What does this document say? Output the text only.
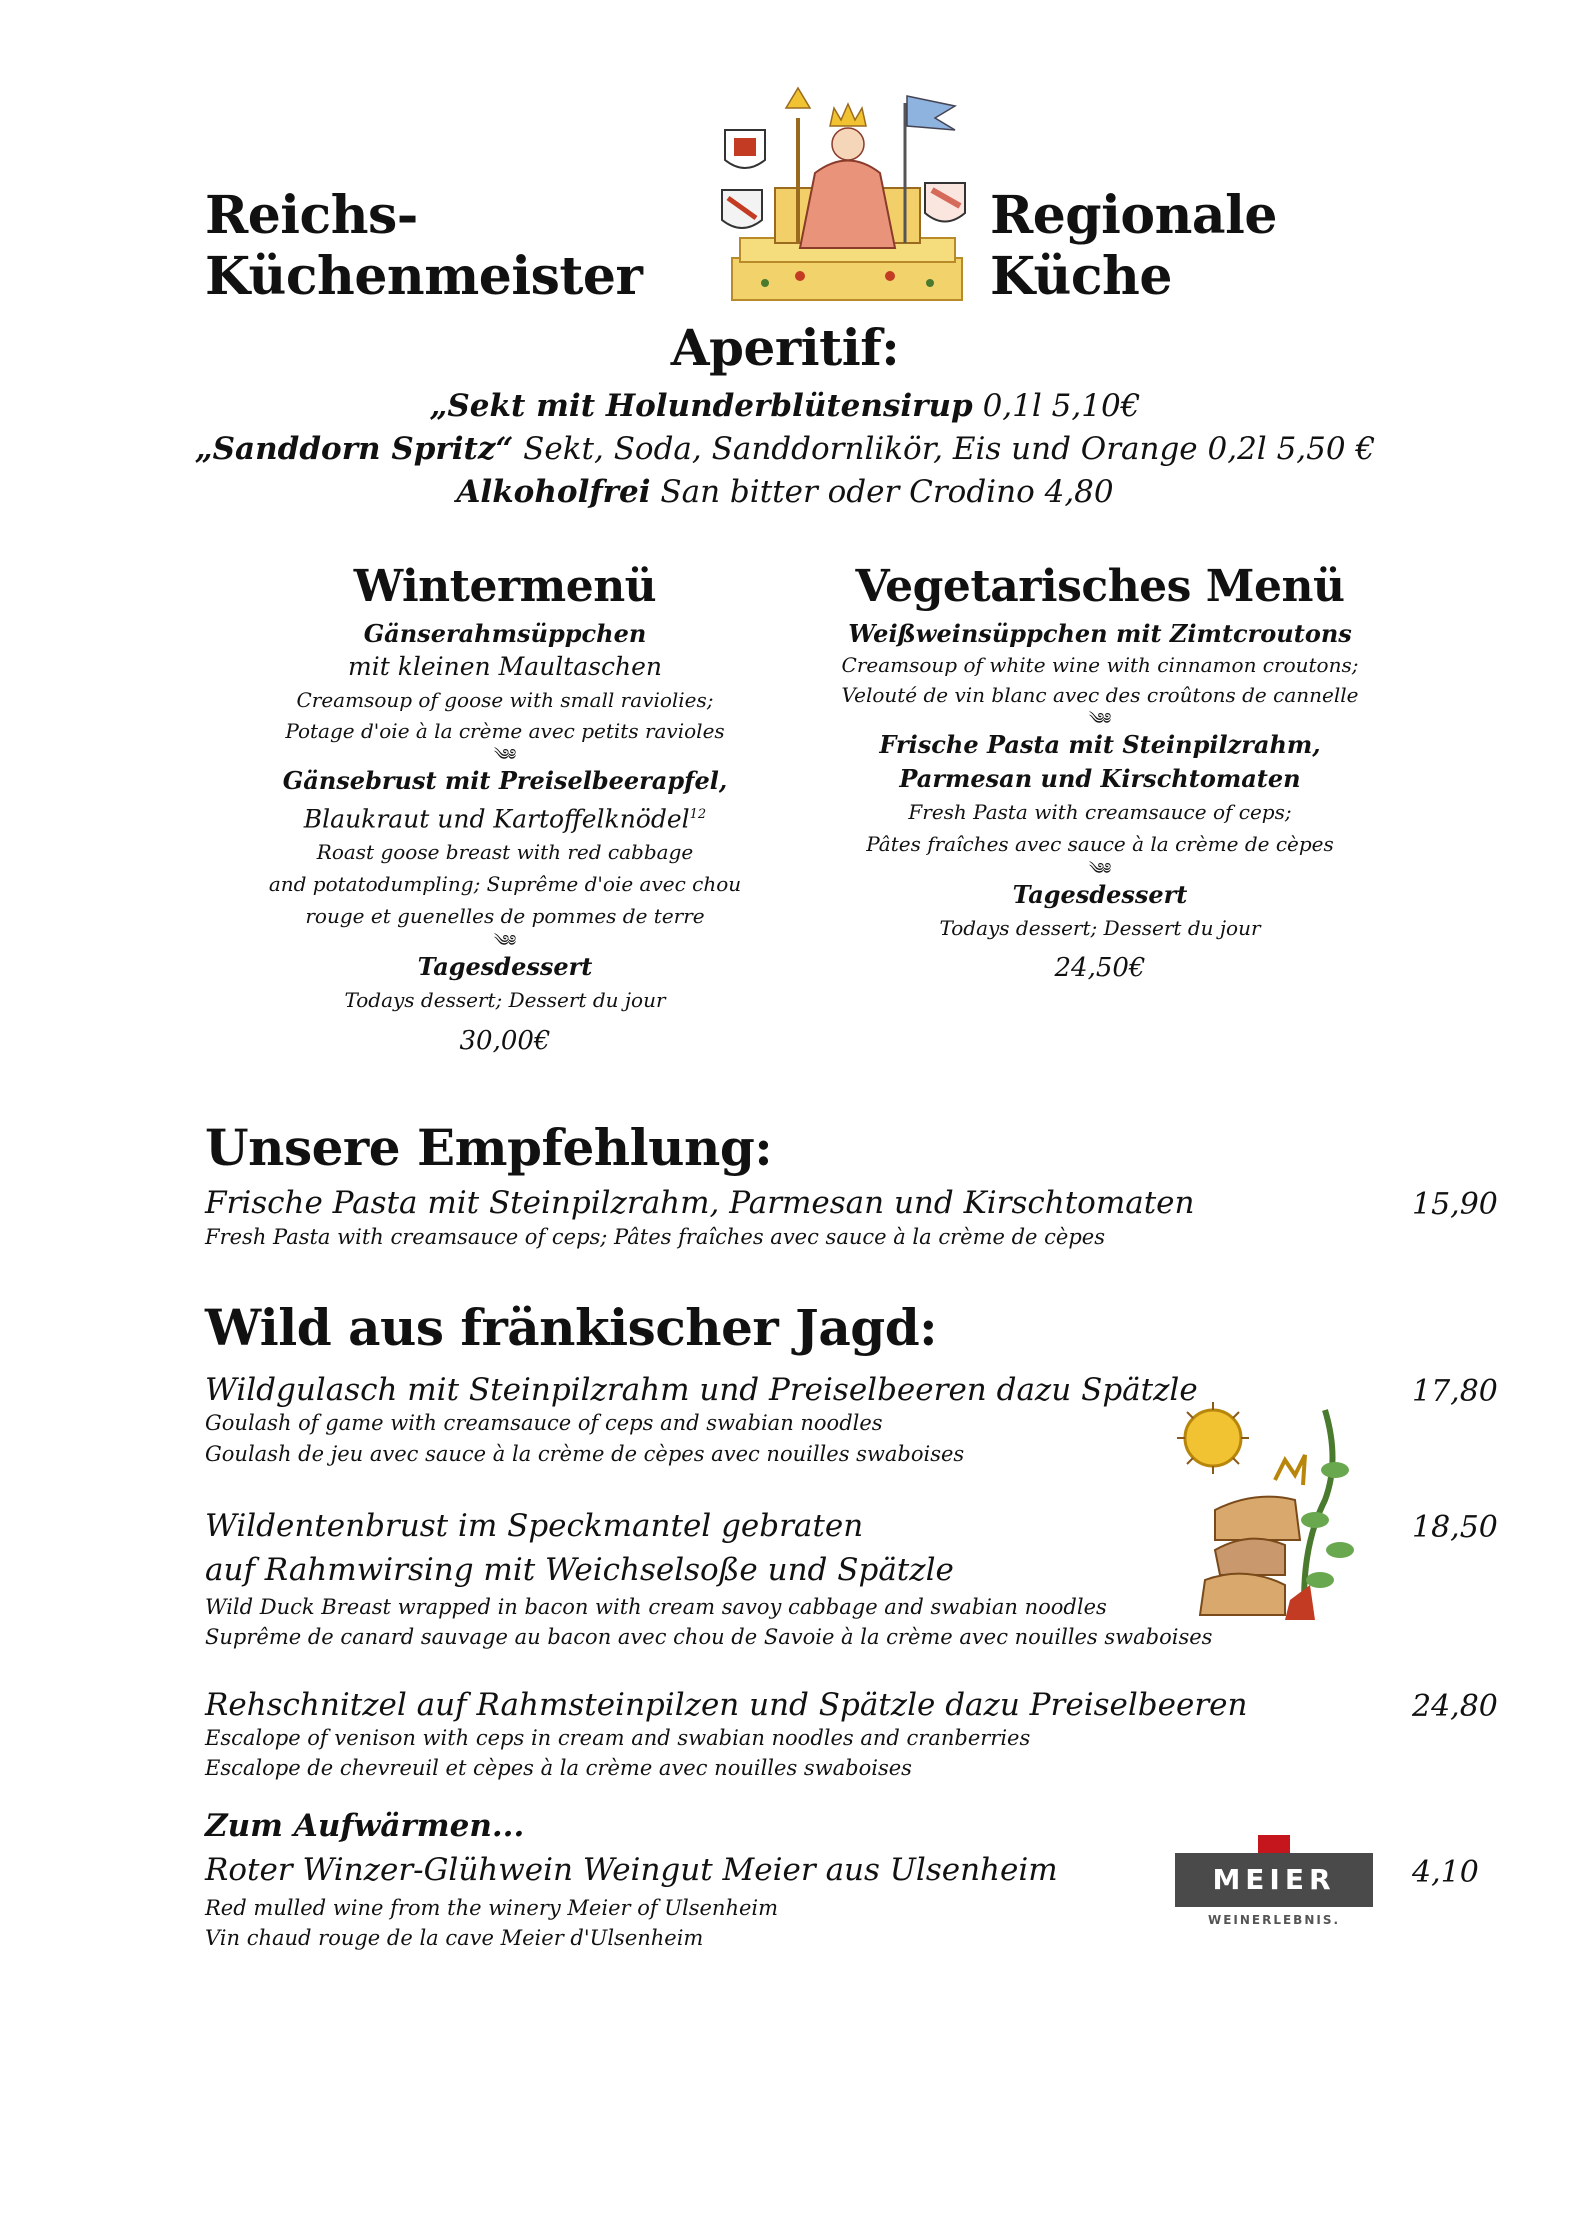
Reichs-Küchenmeister
Regionale Küche
Aperitif:
„Sekt mit Holunderblütensirup 0,1l 5,10€
„Sanddorn Spritz“ Sekt, Soda, Sanddornlikör, Eis und Orange 0,2l 5,50 €
Alkoholfrei San bitter oder Crodino 4,80
Wintermenü
Gänserahmsüppchen
mit kleinen Maultaschen
Creamsoup of goose with small raviolies;
Potage d'oie à la crème avec petits ravioles
༄༅
Gänsebrust mit Preiselbeerapfel,
Blaukraut und Kartoffelknödel$^{12}$
Roast goose breast with red cabbage
and potatodumpling; Suprême d'oie avec chou
rouge et guenelles de pommes de terre
༄༅
Tagesdessert
Todays dessert; Dessert du jour
30,00€
Vegetarisches Menü
Weißweinsüppchen mit Zimtcroutons
Creamsoup of white wine with cinnamon croutons;
Velouté de vin blanc avec des croûtons de cannelle
༄༅
Frische Pasta mit Steinpilzrahm,
Parmesan und Kirschtomaten
Fresh Pasta with creamsauce of ceps;
Pâtes fraîches avec sauce à la crème de cèpes
༄༅
Tagesdessert
Todays dessert; Dessert du jour
24,50€
Unsere Empfehlung:
Frische Pasta mit Steinpilzrahm, Parmesan und Kirschtomaten
Fresh Pasta with creamsauce of ceps; Pâtes fraîches avec sauce à la crème de cèpes
15,90
Wild aus fränkischer Jagd:
Wildgulasch mit Steinpilzrahm und Preiselbeeren dazu Spätzle
Goulash of game with creamsauce of ceps and swabian noodles
Goulash de jeu avec sauce à la crème de cèpes avec nouilles swaboises
17,80
Wildentenbrust im Speckmantel gebraten
auf Rahmwirsing mit Weichselsoße und Spätzle
Wild Duck Breast wrapped in bacon with cream savoy cabbage and swabian noodles
Suprême de canard sauvage au bacon avec chou de Savoie à la crème avec nouilles swaboises
18,50
Rehschnitzel auf Rahmsteinpilzen und Spätzle dazu Preiselbeeren
Escalope of venison with ceps in cream and swabian noodles and cranberries
Escalope de chevreuil et cèpes à la crème avec nouilles swaboises
24,80
Zum Aufwärmen...
Roter Winzer-Glühwein Weingut Meier aus Ulsenheim
Red mulled wine from the winery Meier of Ulsenheim
Vin chaud rouge de la cave Meier d'Ulsenheim
4,10
MEIER
WEINERLEBNIS.
